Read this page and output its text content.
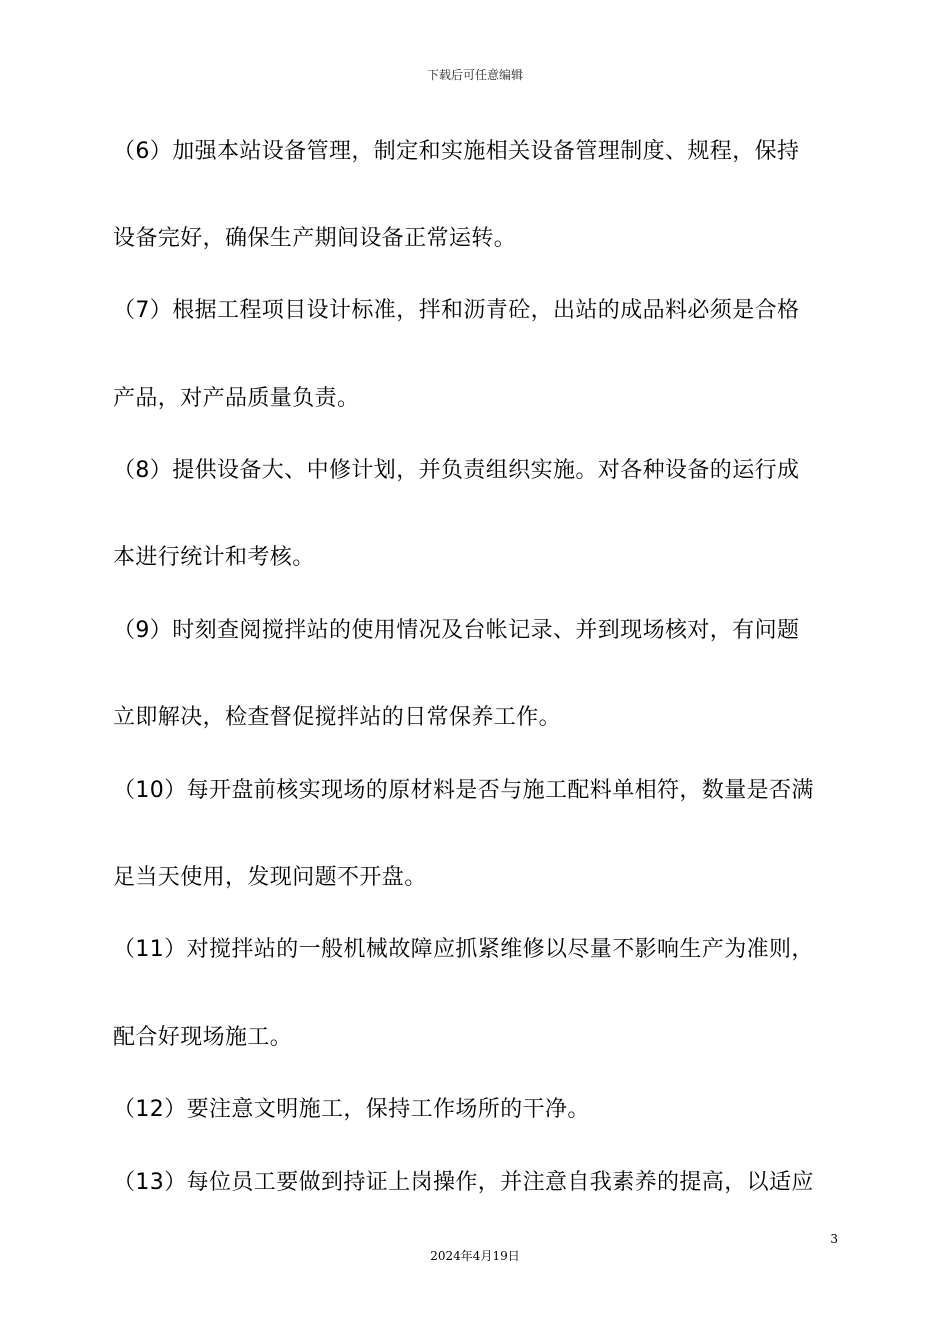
下载后可任意编辑
（6）加强本站设备管理，制定和实施相关设备管理制度、规程，保持
设备完好，确保生产期间设备正常运转。
（7）根据工程项目设计标准，拌和沥青砼，出站的成品料必须是合格
产品，对产品质量负责。
（8）提供设备大、中修计划，并负责组织实施。对各种设备的运行成
本进行统计和考核。
（9）时刻查阅搅拌站的使用情况及台帐记录、并到现场核对，有问题
立即解决，检查督促搅拌站的日常保养工作。
（10）每开盘前核实现场的原材料是否与施工配料单相符，数量是否满
足当天使用，发现问题不开盘。
（11）对搅拌站的一般机械故障应抓紧维修以尽量不影响生产为准则，
配合好现场施工。
（12）要注意文明施工，保持工作场所的干净。
（13）每位员工要做到持证上岗操作，并注意自我素养的提高，以适应
3
2024年4月19日
